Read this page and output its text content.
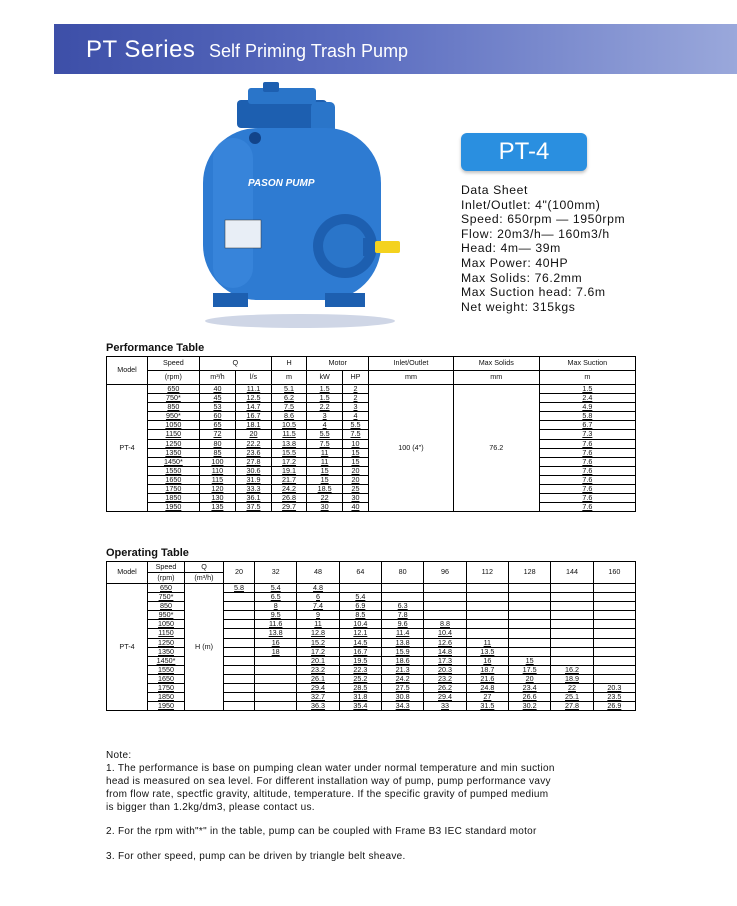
PT Series Self Priming Trash Pump
PASON PUMP
PT-4
Data Sheet
Inlet/Outlet: 4"(100mm)
Speed: 650rpm — 1950rpm
Flow: 20m3/h— 160m3/h
Head: 4m— 39m
Max Power: 40HP
Max Solids: 76.2mm
Max Suction head: 7.6m
Net weight: 315kgs
Performance Table
Model	Speed	Q		H	Motor		Inlet/Outlet	Max Solids	Max Suction
	(rpm)	m³/h	l/s	m	kW	HP	mm	mm	m
PT-4	650	40	11.1	5.1	1.5	2	100 (4")	76.2	1.5
	750*	45	12.5	6.2	1.5	2			2.4
	850	53	14.7	7.5	2.2	3			4.9
	950*	60	16.7	8.6	3	4			5.8
	1050	65	18.1	10.5	4	5.5			6.7
	1150	72	20	11.5	5.5	7.5			7.3
	1250	80	22.2	13.8	7.5	10			7.6
	1350	85	23.6	15.5	11	15			7.6
	1450*	100	27.8	17.2	11	15			7.6
	1550	110	30.6	19.1	15	20			7.6
	1650	115	31.9	21.7	15	20			7.6
	1750	120	33.3	24.2	18.5	25			7.6
	1850	130	36.1	26.8	22	30			7.6
	1950	135	37.5	29.7	30	40			7.6
Operating Table
Model	Speed	Q	20	32	48	64	80	96	112	128	144	160
	(rpm)	(m³/h)										
PT-4	650	H (m)	5.8	5.4	4.8							
	750*			6.5	6	5.4						
	850			8	7.4	6.9	6.3					
	950*			9.5	9	8.5	7.8					
	1050			11.6	11	10.4	9.6	8.8				
	1150			13.8	12.8	12.1	11.4	10.4				
	1250			16	15.2	14.5	13.8	12.6	11			
	1350			18	17.2	16.7	15.9	14.8	13.5			
	1450*				20.1	19.5	18.6	17.3	16	15		
	1550				23.2	22.3	21.3	20.3	18.7	17.5	16.2	
	1650				26.1	25.2	24.2	23.2	21.6	20	18.9	
	1750				29.4	28.5	27.5	26.2	24.8	23.4	22	20.3
	1850				32.7	31.8	30.8	29.4	27	26.6	25.1	23.5
	1950				36.3	35.4	34.3	33	31.5	30.2	27.8	26.9
Note:
1. The performance is base on pumping clean water under normal temperature and min suction
head is measured on sea level. For different installation way of pump, pump performance vavy
from flow rate, spectfic gravity, altitude, temperature. If the specific gravity of pumped medium
is bigger than 1.2kg/dm3, please contact us.
2. For the rpm with"*" in the table, pump can be coupled with Frame B3 IEC standard motor
3. For other speed, pump can be driven by triangle belt sheave.
